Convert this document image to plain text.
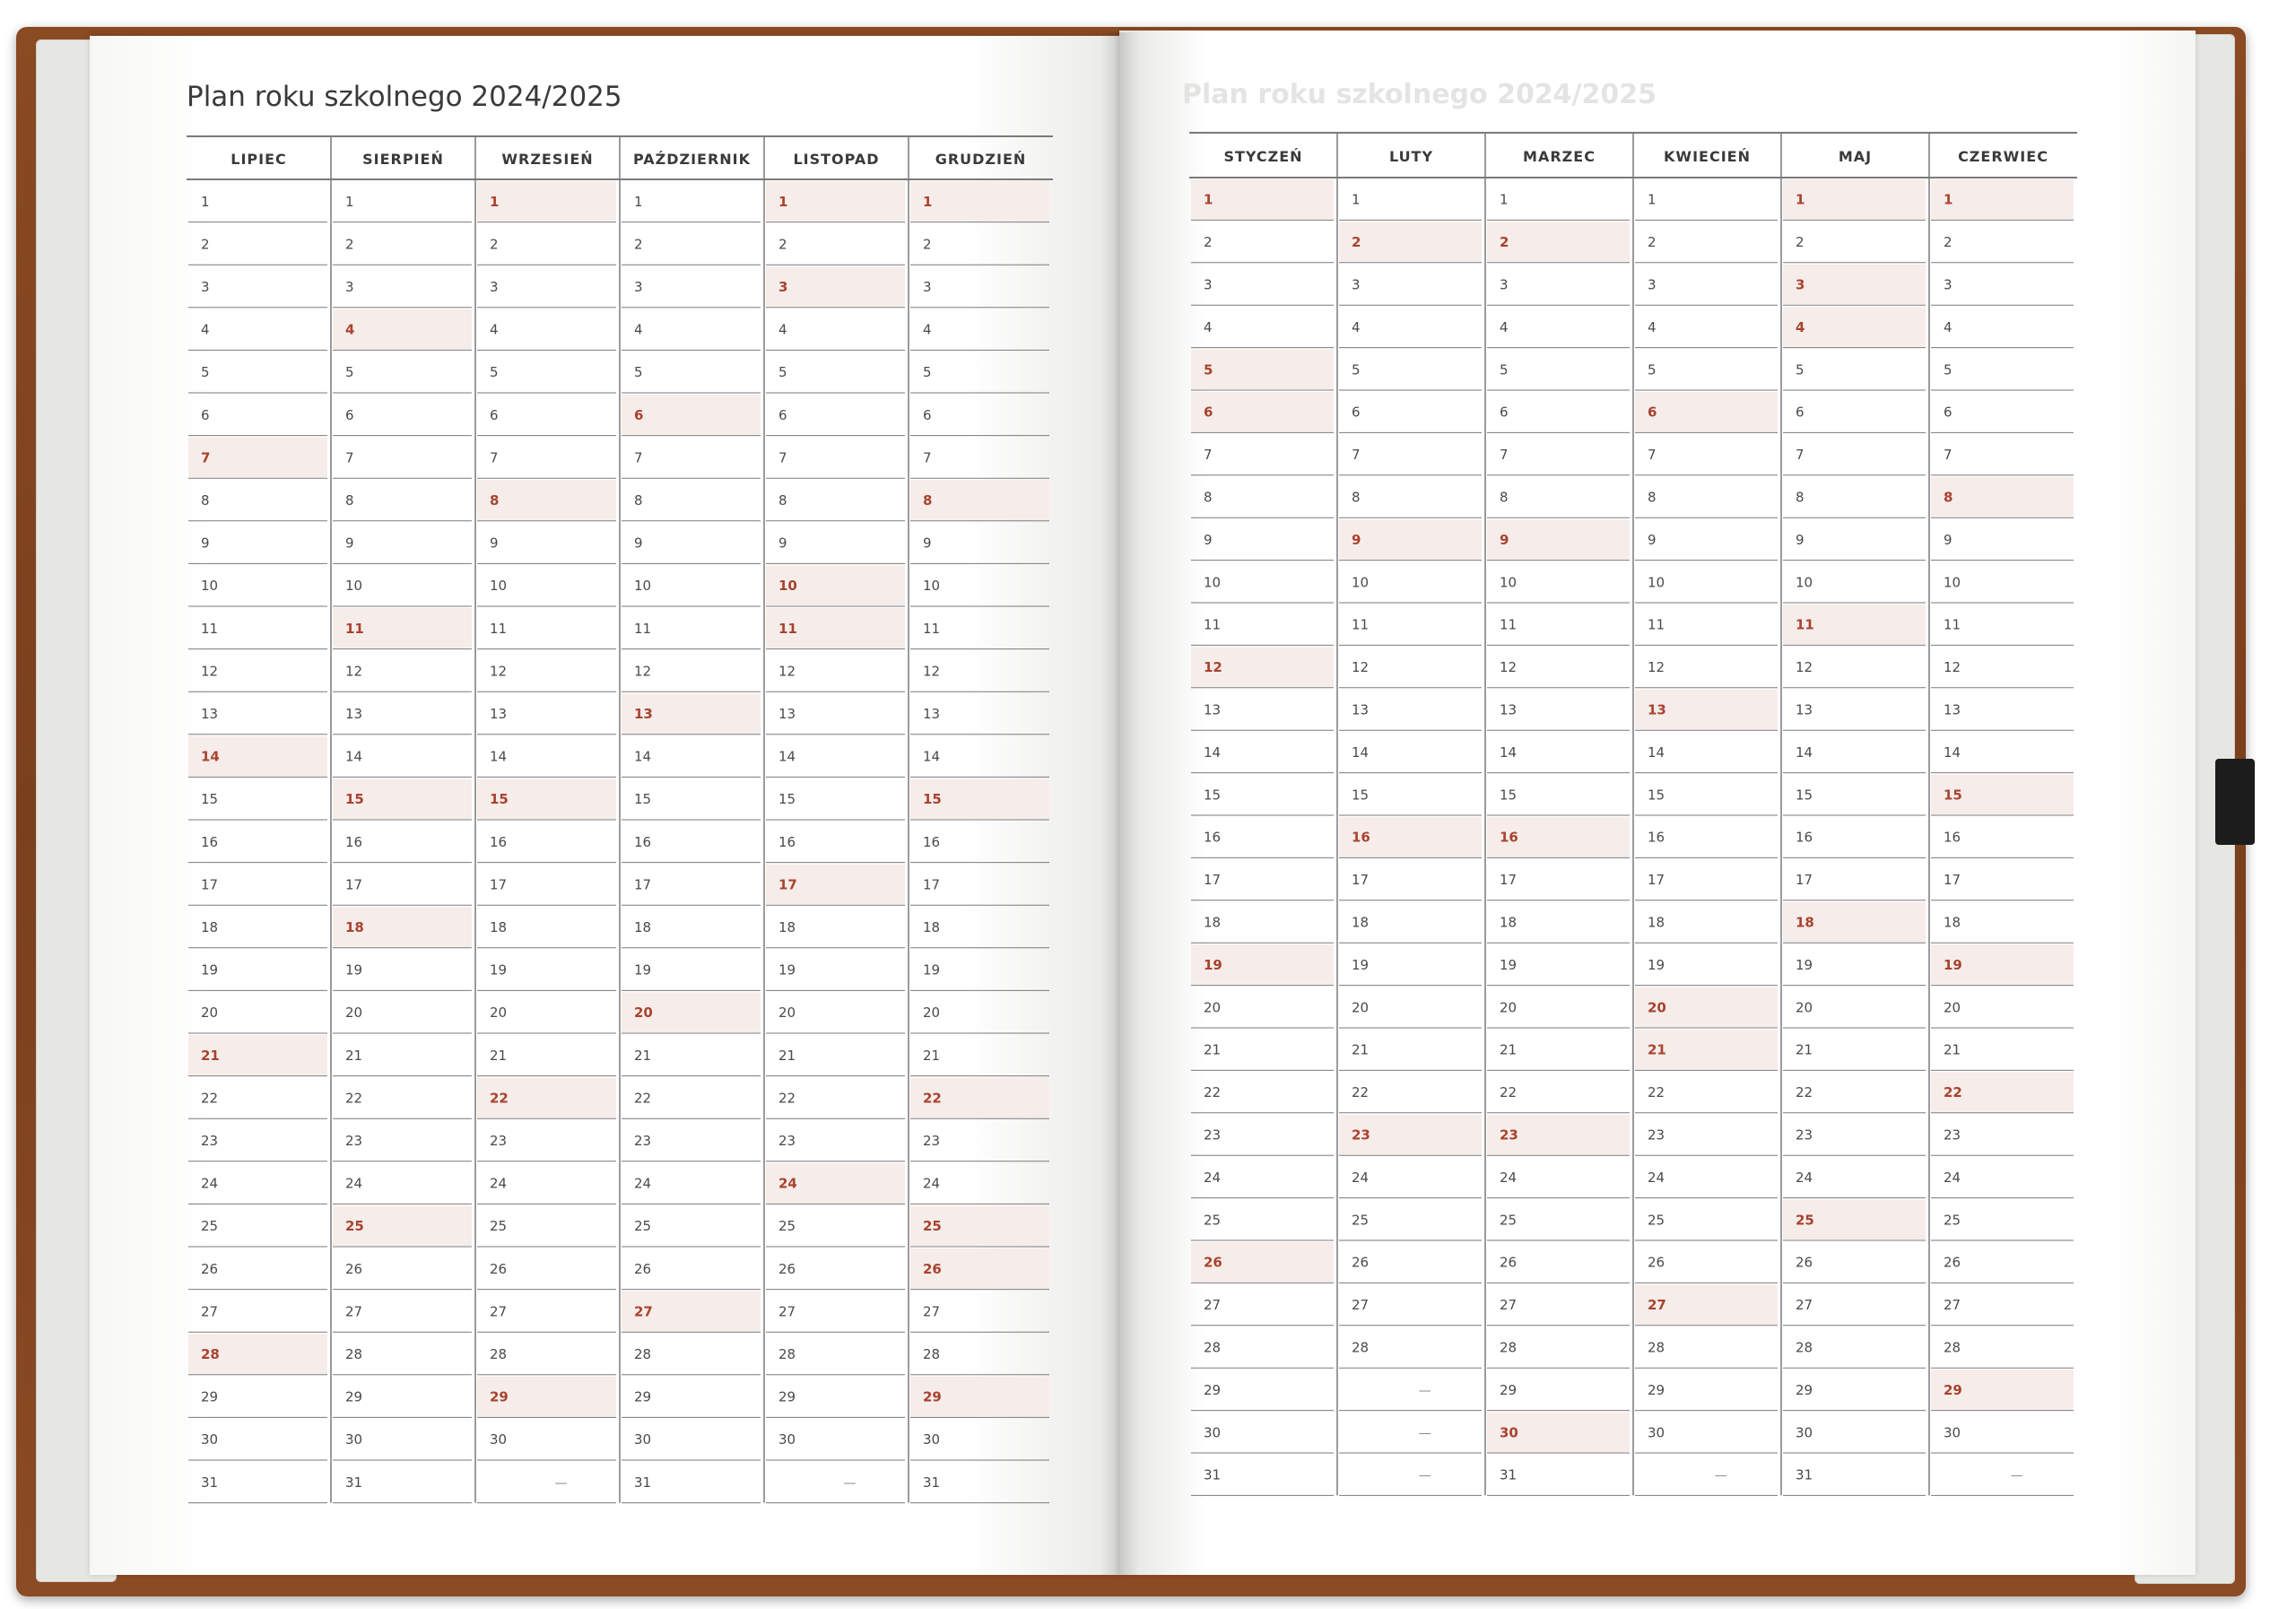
Plan roku szkolnego 2024/2025
Plan roku szkolnego 2024/2025
LIPIEC
1
2
3
4
5
6
7
8
9
10
11
12
13
14
15
16
17
18
19
20
21
22
23
24
25
26
27
28
29
30
31
SIERPIEŃ
1
2
3
4
5
6
7
8
9
10
11
12
13
14
15
16
17
18
19
20
21
22
23
24
25
26
27
28
29
30
31
WRZESIEŃ
1
2
3
4
5
6
7
8
9
10
11
12
13
14
15
16
17
18
19
20
21
22
23
24
25
26
27
28
29
30
—
PAŹDZIERNIK
1
2
3
4
5
6
7
8
9
10
11
12
13
14
15
16
17
18
19
20
21
22
23
24
25
26
27
28
29
30
31
LISTOPAD
1
2
3
4
5
6
7
8
9
10
11
12
13
14
15
16
17
18
19
20
21
22
23
24
25
26
27
28
29
30
—
GRUDZIEŃ
1
2
3
4
5
6
7
8
9
10
11
12
13
14
15
16
17
18
19
20
21
22
23
24
25
26
27
28
29
30
31
STYCZEŃ
1
2
3
4
5
6
7
8
9
10
11
12
13
14
15
16
17
18
19
20
21
22
23
24
25
26
27
28
29
30
31
LUTY
1
2
3
4
5
6
7
8
9
10
11
12
13
14
15
16
17
18
19
20
21
22
23
24
25
26
27
28
—
—
—
MARZEC
1
2
3
4
5
6
7
8
9
10
11
12
13
14
15
16
17
18
19
20
21
22
23
24
25
26
27
28
29
30
31
KWIECIEŃ
1
2
3
4
5
6
7
8
9
10
11
12
13
14
15
16
17
18
19
20
21
22
23
24
25
26
27
28
29
30
—
MAJ
1
2
3
4
5
6
7
8
9
10
11
12
13
14
15
16
17
18
19
20
21
22
23
24
25
26
27
28
29
30
31
CZERWIEC
1
2
3
4
5
6
7
8
9
10
11
12
13
14
15
16
17
18
19
20
21
22
23
24
25
26
27
28
29
30
—
